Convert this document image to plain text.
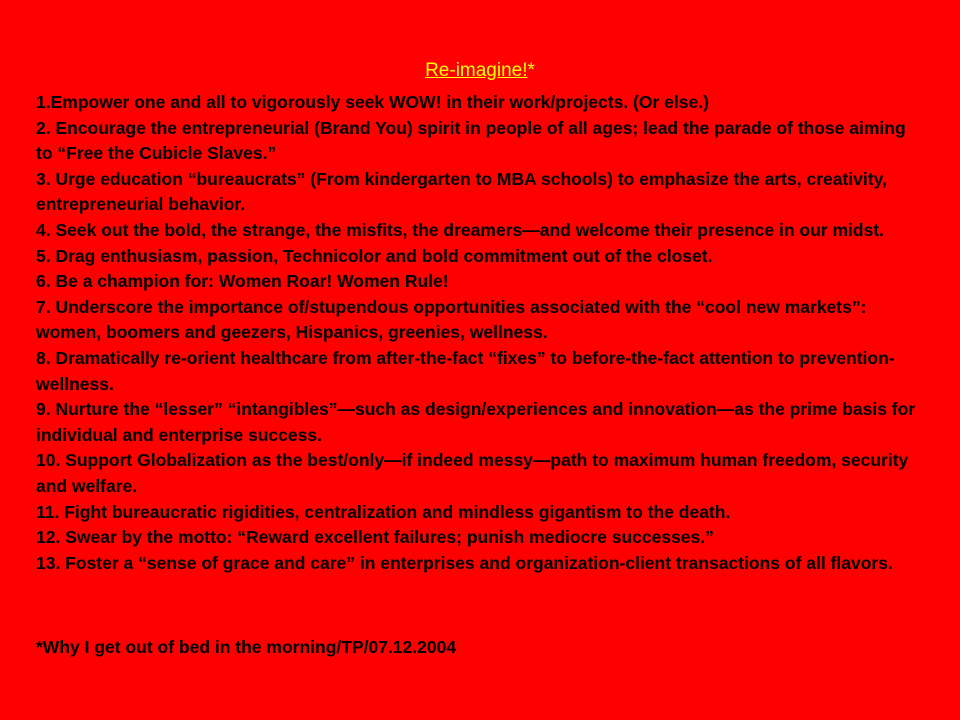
Re-imagine!*
1.Empower one and all to vigorously seek WOW! in their work/projects. (Or else.)
2. Encourage the entrepreneurial (Brand You) spirit in people of all ages; lead the parade of those aiming to “Free the Cubicle Slaves.”
3. Urge education “bureaucrats” (From kindergarten to MBA schools) to emphasize the arts, creativity, entrepreneurial behavior.
4. Seek out the bold, the strange, the misfits, the dreamers—and welcome their presence in our midst.
5. Drag enthusiasm, passion, Technicolor and bold commitment out of the closet.
6. Be a champion for: Women Roar! Women Rule!
7. Underscore the importance of/stupendous opportunities associated with the “cool new markets”: women, boomers and geezers, Hispanics, greenies, wellness.
8. Dramatically re-orient healthcare from after-the-fact “fixes” to before-the-fact attention to prevention-wellness.
9. Nurture the “lesser” “intangibles”—such as design/experiences and innovation—as the prime basis for individual and enterprise success.
10. Support Globalization as the best/only—if indeed messy—path to maximum human freedom, security and welfare.
11. Fight bureaucratic rigidities, centralization and mindless gigantism to the death.
12. Swear by the motto: “Reward excellent failures; punish mediocre successes.”
13. Foster a “sense of grace and care” in enterprises and organization-client transactions of all flavors.
*Why I get out of bed in the morning/TP/07.12.2004
